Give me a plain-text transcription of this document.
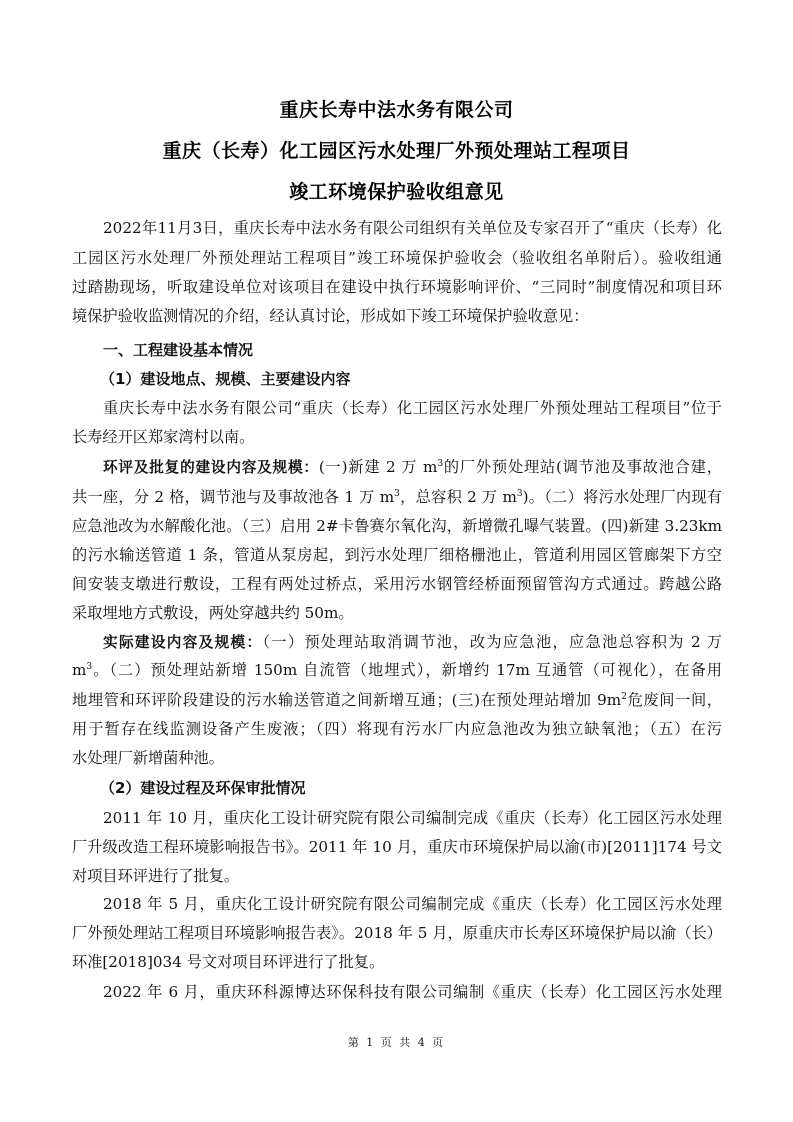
重庆长寿中法水务有限公司
重庆（长寿）化工园区污水处理厂外预处理站工程项目
竣工环境保护验收组意见
2022年11月3日，重庆长寿中法水务有限公司组织有关单位及专家召开了“重庆（长寿）化
工园区污水处理厂外预处理站工程项目”竣工环境保护验收会（验收组名单附后）。验收组通
过踏勘现场，听取建设单位对该项目在建设中执行环境影响评价、“三同时”制度情况和项目环
境保护验收监测情况的介绍，经认真讨论，形成如下竣工环境保护验收意见：
一、工程建设基本情况
（1）建设地点、规模、主要建设内容
重庆长寿中法水务有限公司“重庆（长寿）化工园区污水处理厂外预处理站工程项目”位于
长寿经开区郑家湾村以南。
环评及批复的建设内容及规模：(一)新建 2 万 $m^3$的厂外预处理站(调节池及事故池合建，
共一座，分 2 格，调节池与及事故池各 1 万 $m^3$，总容积 2 万 $m^3$)。（二）将污水处理厂内现有
应急池改为水解酸化池。（三）启用 2#卡鲁赛尔氧化沟，新增微孔曝气装置。(四)新建 3.23km
的污水输送管道 1 条，管道从泵房起，到污水处理厂细格栅池止，管道利用园区管廊架下方空
间安装支墩进行敷设，工程有两处过桥点，采用污水钢管经桥面预留管沟方式通过。跨越公路
采取埋地方式敷设，两处穿越共约 50m。
实际建设内容及规模：（一）预处理站取消调节池，改为应急池，应急池总容积为 2 万
$m^3$。（二）预处理站新增 150m 自流管（地埋式），新增约 17m 互通管（可视化），在备用
地埋管和环评阶段建设的污水输送管道之间新增互通；(三)在预处理站增加 $9m^2$危废间一间，
用于暂存在线监测设备产生废液；（四）将现有污水厂内应急池改为独立缺氧池；（五）在污
水处理厂新增菌种池。
（2）建设过程及环保审批情况
2011 年 10 月，重庆化工设计研究院有限公司编制完成《重庆（长寿）化工园区污水处理
厂升级改造工程环境影响报告书》。2011 年 10 月，重庆市环境保护局以渝(市)[2011]174 号文
对项目环评进行了批复。
2018 年 5 月，重庆化工设计研究院有限公司编制完成《重庆（长寿）化工园区污水处理
厂外预处理站工程项目环境影响报告表》。2018 年 5 月，原重庆市长寿区环境保护局以渝（长）
环准[2018]034 号文对项目环评进行了批复。
2022 年 6 月，重庆环科源博达环保科技有限公司编制《重庆（长寿）化工园区污水处理
第 1 页 共 4 页
